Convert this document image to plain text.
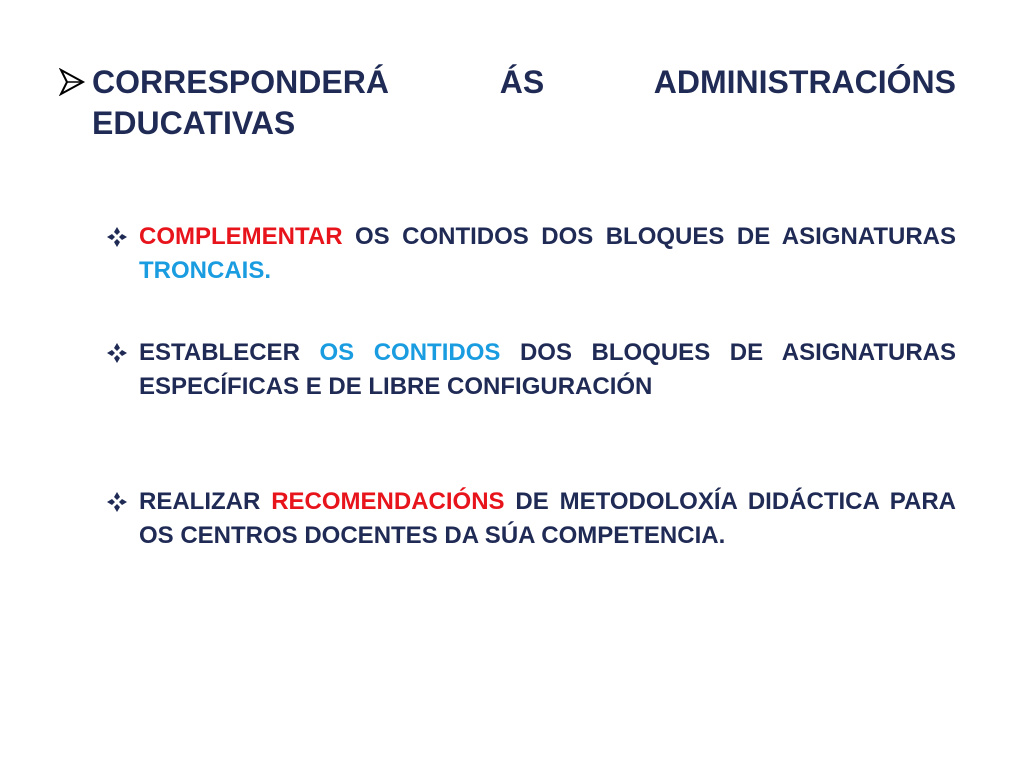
CORRESPONDERÁ ÁS ADMINISTRACIÓNS EDUCATIVAS
COMPLEMENTAR OS CONTIDOS DOS BLOQUES DE ASIGNATURAS TRONCAIS.
ESTABLECER OS CONTIDOS DOS BLOQUES DE ASIGNATURAS ESPECÍFICAS E DE LIBRE CONFIGURACIÓN
REALIZAR RECOMENDACIÓNS DE METODOLOXÍA DIDÁCTICA PARA OS CENTROS DOCENTES DA SÚA COMPETENCIA.
